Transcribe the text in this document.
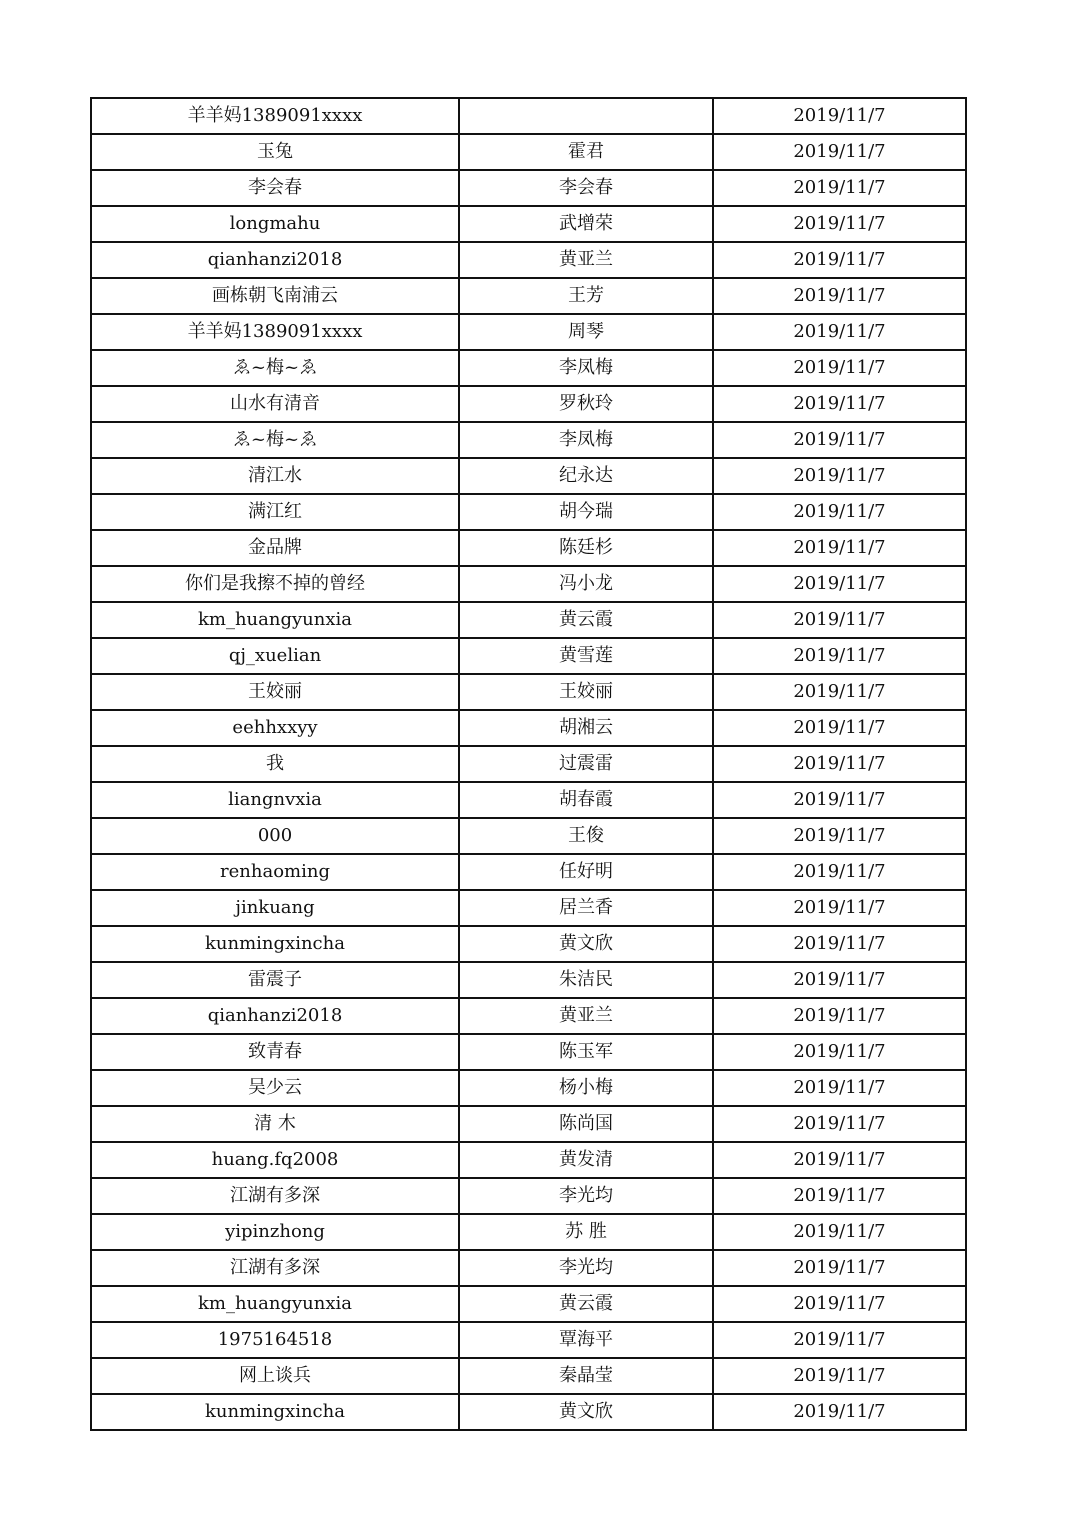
羊羊妈1389091xxxx		2019/11/7
玉兔	霍君	2019/11/7
李会春	李会春	2019/11/7
longmahu	武增荣	2019/11/7
qianhanzi2018	黄亚兰	2019/11/7
画栋朝飞南浦云	王芳	2019/11/7
羊羊妈1389091xxxx	周琴	2019/11/7
ゑ~梅~ゑ	李凤梅	2019/11/7
山水有清音	罗秋玲	2019/11/7
ゑ~梅~ゑ	李凤梅	2019/11/7
清江水	纪永达	2019/11/7
满江红	胡今瑞	2019/11/7
金品牌	陈廷杉	2019/11/7
你们是我擦不掉的曾经	冯小龙	2019/11/7
km_huangyunxia	黄云霞	2019/11/7
qj_xuelian	黄雪莲	2019/11/7
王姣丽	王姣丽	2019/11/7
eehhxxyy	胡湘云	2019/11/7
我	过震雷	2019/11/7
liangnvxia	胡春霞	2019/11/7
000	王俊	2019/11/7
renhaoming	任好明	2019/11/7
jinkuang	居兰香	2019/11/7
kunmingxincha	黄文欣	2019/11/7
雷震子	朱洁民	2019/11/7
qianhanzi2018	黄亚兰	2019/11/7
致青春	陈玉军	2019/11/7
吴少云	杨小梅	2019/11/7
清 木	陈尚国	2019/11/7
huang.fq2008	黄发清	2019/11/7
江湖有多深	李光均	2019/11/7
yipinzhong	苏 胜	2019/11/7
江湖有多深	李光均	2019/11/7
km_huangyunxia	黄云霞	2019/11/7
1975164518	覃海平	2019/11/7
网上谈兵	秦晶莹	2019/11/7
kunmingxincha	黄文欣	2019/11/7
